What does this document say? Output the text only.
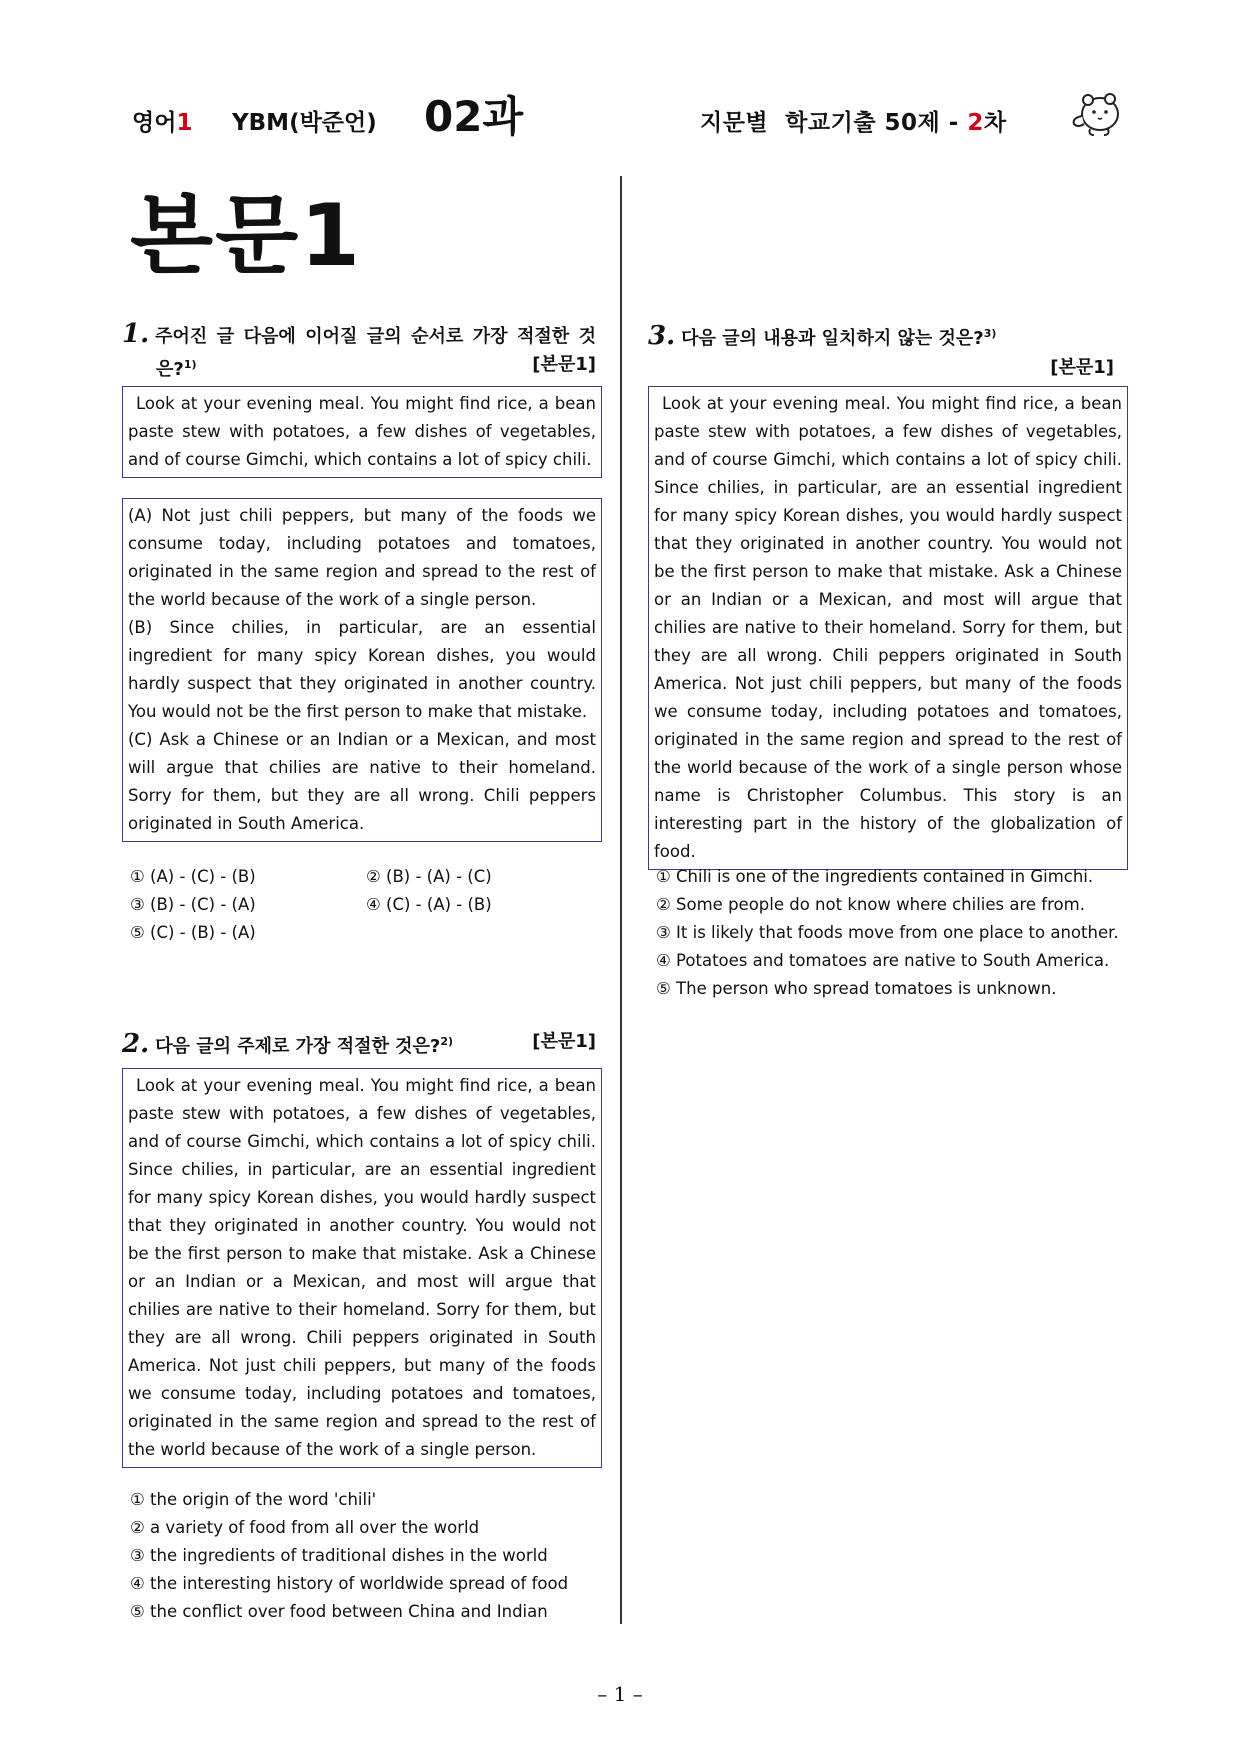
영어1 YBM(박준언) 02과	지문별  학교기출 50제 - 2차
본문1
1. 주어진 글 다음에 이어질 글의 순서로 가장 적절한 것
은?$^{1)}$	[본문1]

Look at your evening meal. You might find rice, a bean paste stew with potatoes, a few dishes of vegetables, and of course Gimchi, which contains a lot of spicy chili.

(A) Not just chili peppers, but many of the foods we consume today, including potatoes and tomatoes, originated in the same region and spread to the rest of the world because of the work of a single person.

(B) Since chilies, in particular, are an essential ingredient for many spicy Korean dishes, you would hardly suspect that they originated in another country. You would not be the first person to make that mistake.

(C) Ask a Chinese or an Indian or a Mexican, and most will argue that chilies are native to their homeland. Sorry for them, but they are all wrong. Chili peppers originated in South America.

① (A) - (C) - (B)	② (B) - (A) - (C)
③ (B) - (C) - (A)	④ (C) - (A) - (B)
⑤ (C) - (B) - (A)
2. 다음 글의 주제로 가장 적절한 것은?$^{2)}$	[본문1]

Look at your evening meal. You might find rice, a bean paste stew with potatoes, a few dishes of vegetables, and of course Gimchi, which contains a lot of spicy chili. Since chilies, in particular, are an essential ingredient for many spicy Korean dishes, you would hardly suspect that they originated in another country. You would not be the first person to make that mistake. Ask a Chinese or an Indian or a Mexican, and most will argue that chilies are native to their homeland. Sorry for them, but they are all wrong. Chili peppers originated in South America. Not just chili peppers, but many of the foods we consume today, including potatoes and tomatoes, originated in the same region and spread to the rest of the world because of the work of a single person.

① the origin of the word 'chili'
② a variety of food from all over the world
③ the ingredients of traditional dishes in the world
④ the interesting history of worldwide spread of food
⑤ the conflict over food between China and Indian
3. 다음 글의 내용과 일치하지 않는 것은?$^{3)}$
[본문1]

Look at your evening meal. You might find rice, a bean paste stew with potatoes, a few dishes of vegetables, and of course Gimchi, which contains a lot of spicy chili. Since chilies, in particular, are an essential ingredient for many spicy Korean dishes, you would hardly suspect that they originated in another country. You would not be the first person to make that mistake. Ask a Chinese or an Indian or a Mexican, and most will argue that chilies are native to their homeland. Sorry for them, but they are all wrong. Chili peppers originated in South America. Not just chili peppers, but many of the foods we consume today, including potatoes and tomatoes, originated in the same region and spread to the rest of the world because of the work of a single person whose name is Christopher Columbus. This story is an interesting part in the history of the globalization of food.

① Chili is one of the ingredients contained in Gimchi.
② Some people do not know where chilies are from.
③ It is likely that foods move from one place to another.
④ Potatoes and tomatoes are native to South America.
⑤ The person who spread tomatoes is unknown.
– 1 –
